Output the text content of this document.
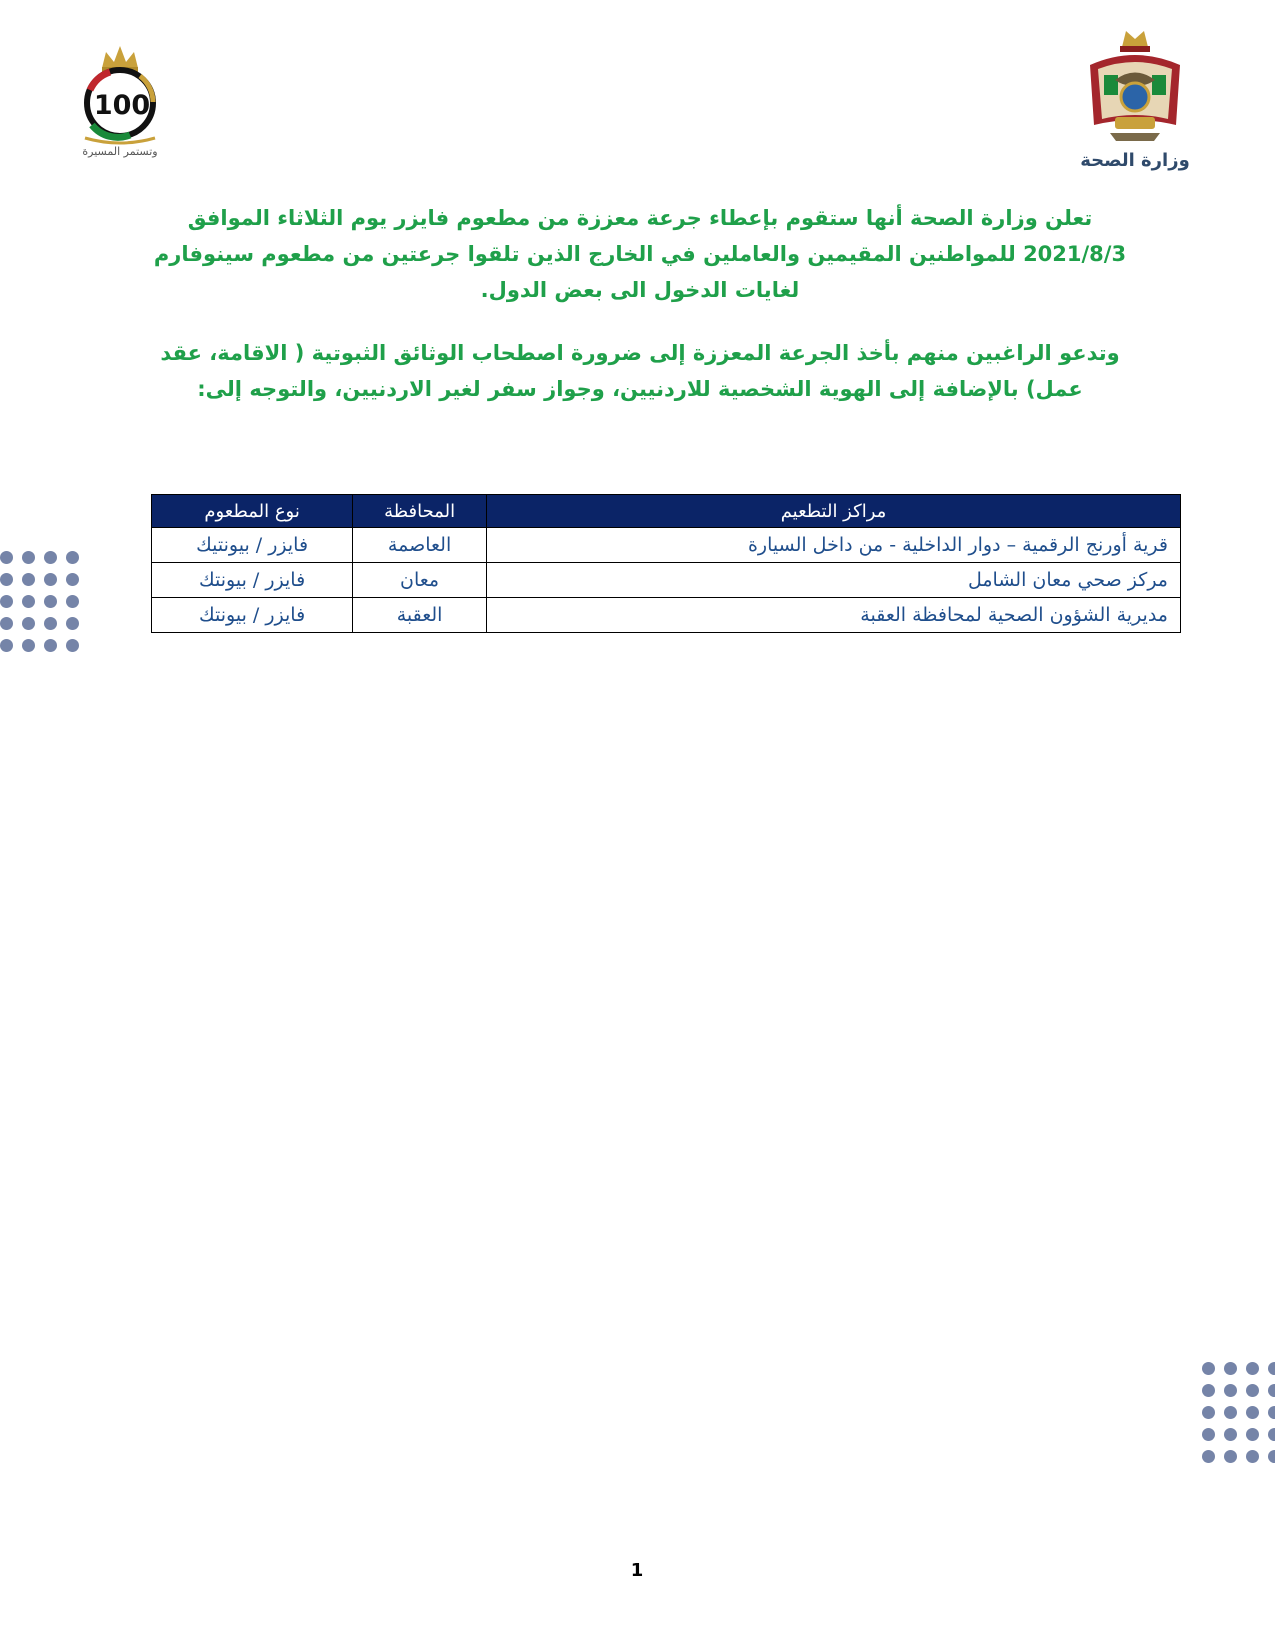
100
وتستمر المسيرة	وزارة الصحة

تعلن وزارة الصحة أنها ستقوم بإعطاء جرعة معززة من مطعوم فايزر يوم الثلاثاء الموافق 2021/8/3 للمواطنين المقيمين والعاملين في الخارج الذين تلقوا جرعتين من مطعوم سينوفارم لغايات الدخول الى بعض الدول.

وتدعو الراغبين منهم بأخذ الجرعة المعززة إلى ضرورة اصطحاب الوثائق الثبوتية ( الاقامة، عقد عمل) بالإضافة إلى الهوية الشخصية للاردنيين، وجواز سفر لغير الاردنيين، والتوجه إلى:

مراكز التطعيم	المحافظة	نوع المطعوم
قرية أورنج الرقمية – دوار الداخلية - من داخل السيارة	العاصمة	فايزر / بيونتيك
مركز صحي معان الشامل	معان	فايزر / بيونتك
مديرية الشؤون الصحية لمحافظة العقبة	العقبة	فايزر / بيونتك
1
